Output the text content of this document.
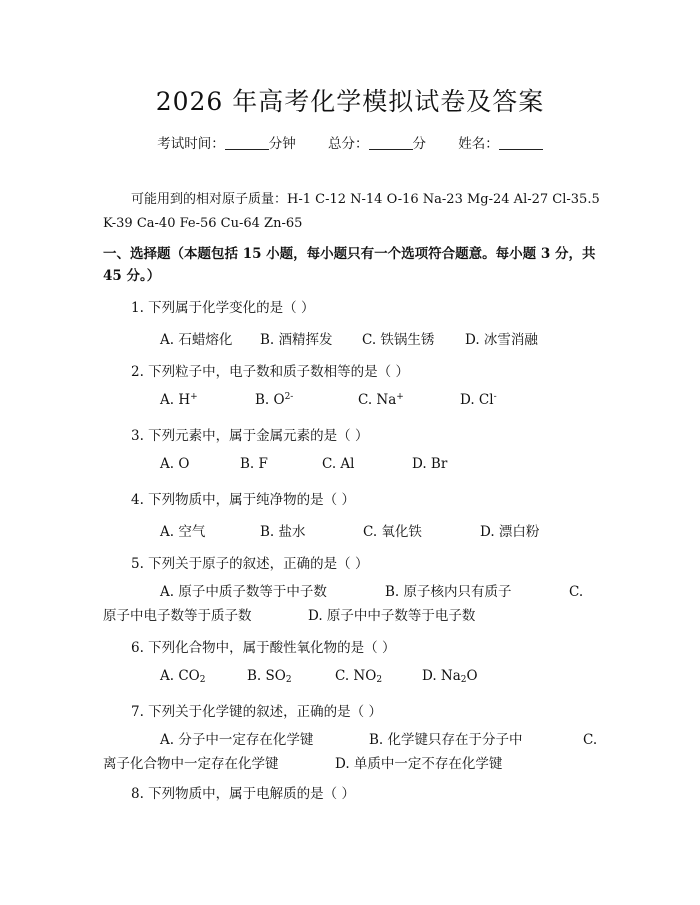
2026 年高考化学模拟试卷及答案
考试时间：	分钟 总分：	分 姓名：
可能用到的相对原子质量：H-1 C-12 N-14 O-16 Na-23 Mg-24 Al-27 Cl-35.5 K-39 Ca-40 Fe-56 Cu-64 Zn-65
一、选择题（本题包括 15 小题，每小题只有一个选项符合题意。每小题 3 分，共 45 分。）
1. 下列属于化学变化的是（ ）
A. 石蜡熔化 B. 酒精挥发 C. 铁锅生锈 D. 冰雪消融
2. 下列粒子中，电子数和质子数相等的是（ ）
A. H+	B. $O^{2-}$	C. Na+	D. Cl-
3. 下列元素中，属于金属元素的是（ ）
A. O	B. F	C. Al	D. Br
4. 下列物质中，属于纯净物的是（ ）
A. 空气	B. 盐水	C. 氧化铁	D. 漂白粉
5. 下列关于原子的叙述，正确的是（ ）
A. 原子中质子数等于中子数	B. 原子核内只有质子	C.
原子中电子数等于质子数	D. 原子中中子数等于电子数
6. 下列化合物中，属于酸性氧化物的是（ ）
A. $CO_2$	B. $SO_2$	C. $NO_2$	D. $Na_2O$
7. 下列关于化学键的叙述，正确的是（ ）
A. 分子中一定存在化学键	B. 化学键只存在于分子中	C.
离子化合物中一定存在化学键	D. 单质中一定不存在化学键
8. 下列物质中，属于电解质的是（ ）
